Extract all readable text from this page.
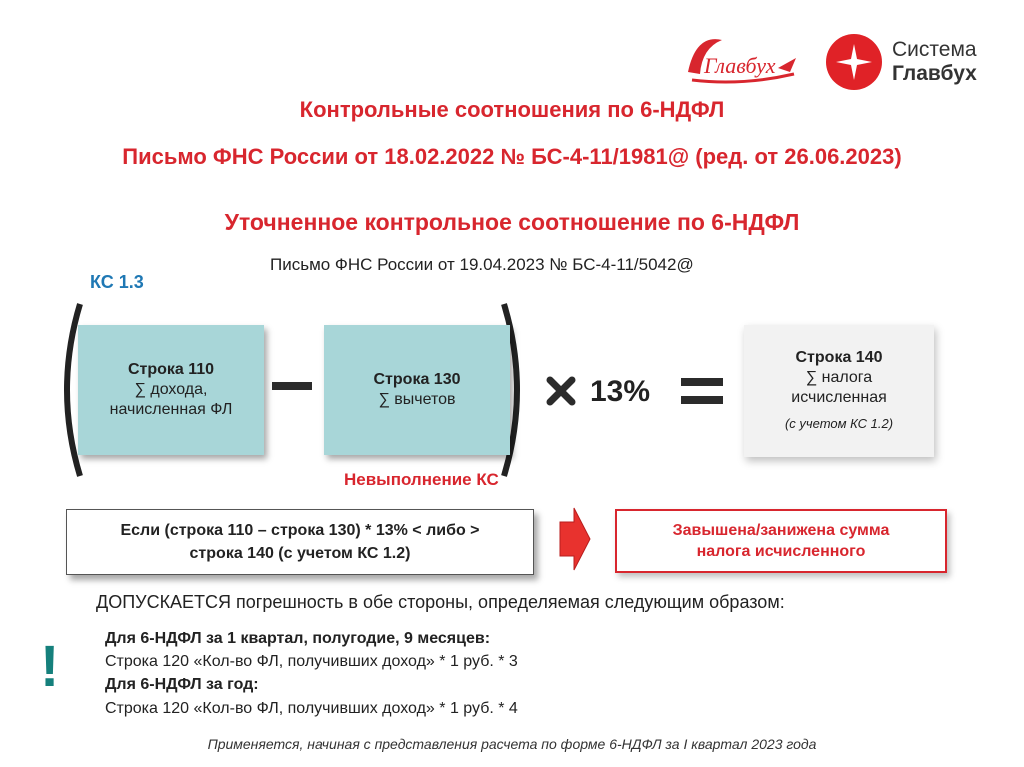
Главбух
Система
Главбух
Контрольные соотношения по 6-НДФЛ
Письмо ФНС России от 18.02.2022 № БС-4-11/1981@ (ред. от 26.06.2023)
Уточненное контрольное соотношение по 6-НДФЛ
Письмо ФНС России от 19.04.2023 № БС-4-11/5042@
КС 1.3
Строка 110
∑ дохода,
начисленная ФЛ
Строка 130
∑ вычетов	13%
Строка 140
∑ налога
исчисленная
(с учетом КС 1.2)
Невыполнение КС
Если (строка 110 – строка 130) * 13% < либо >
строка 140 (с учетом КС 1.2)
Завышена/занижена сумма
налога исчисленного
ДОПУСКАЕТСЯ погрешность в обе стороны, определяемая следующим образом:
!	Для 6-НДФЛ за 1 квартал, полугодие, 9 месяцев:
Строка 120 «Кол-во ФЛ, получивших доход» * 1 руб. * 3
Для 6-НДФЛ за год:
Строка 120 «Кол-во ФЛ, получивших доход» * 1 руб. * 4
Применяется, начиная с представления расчета по форме 6-НДФЛ за I квартал 2023 года
